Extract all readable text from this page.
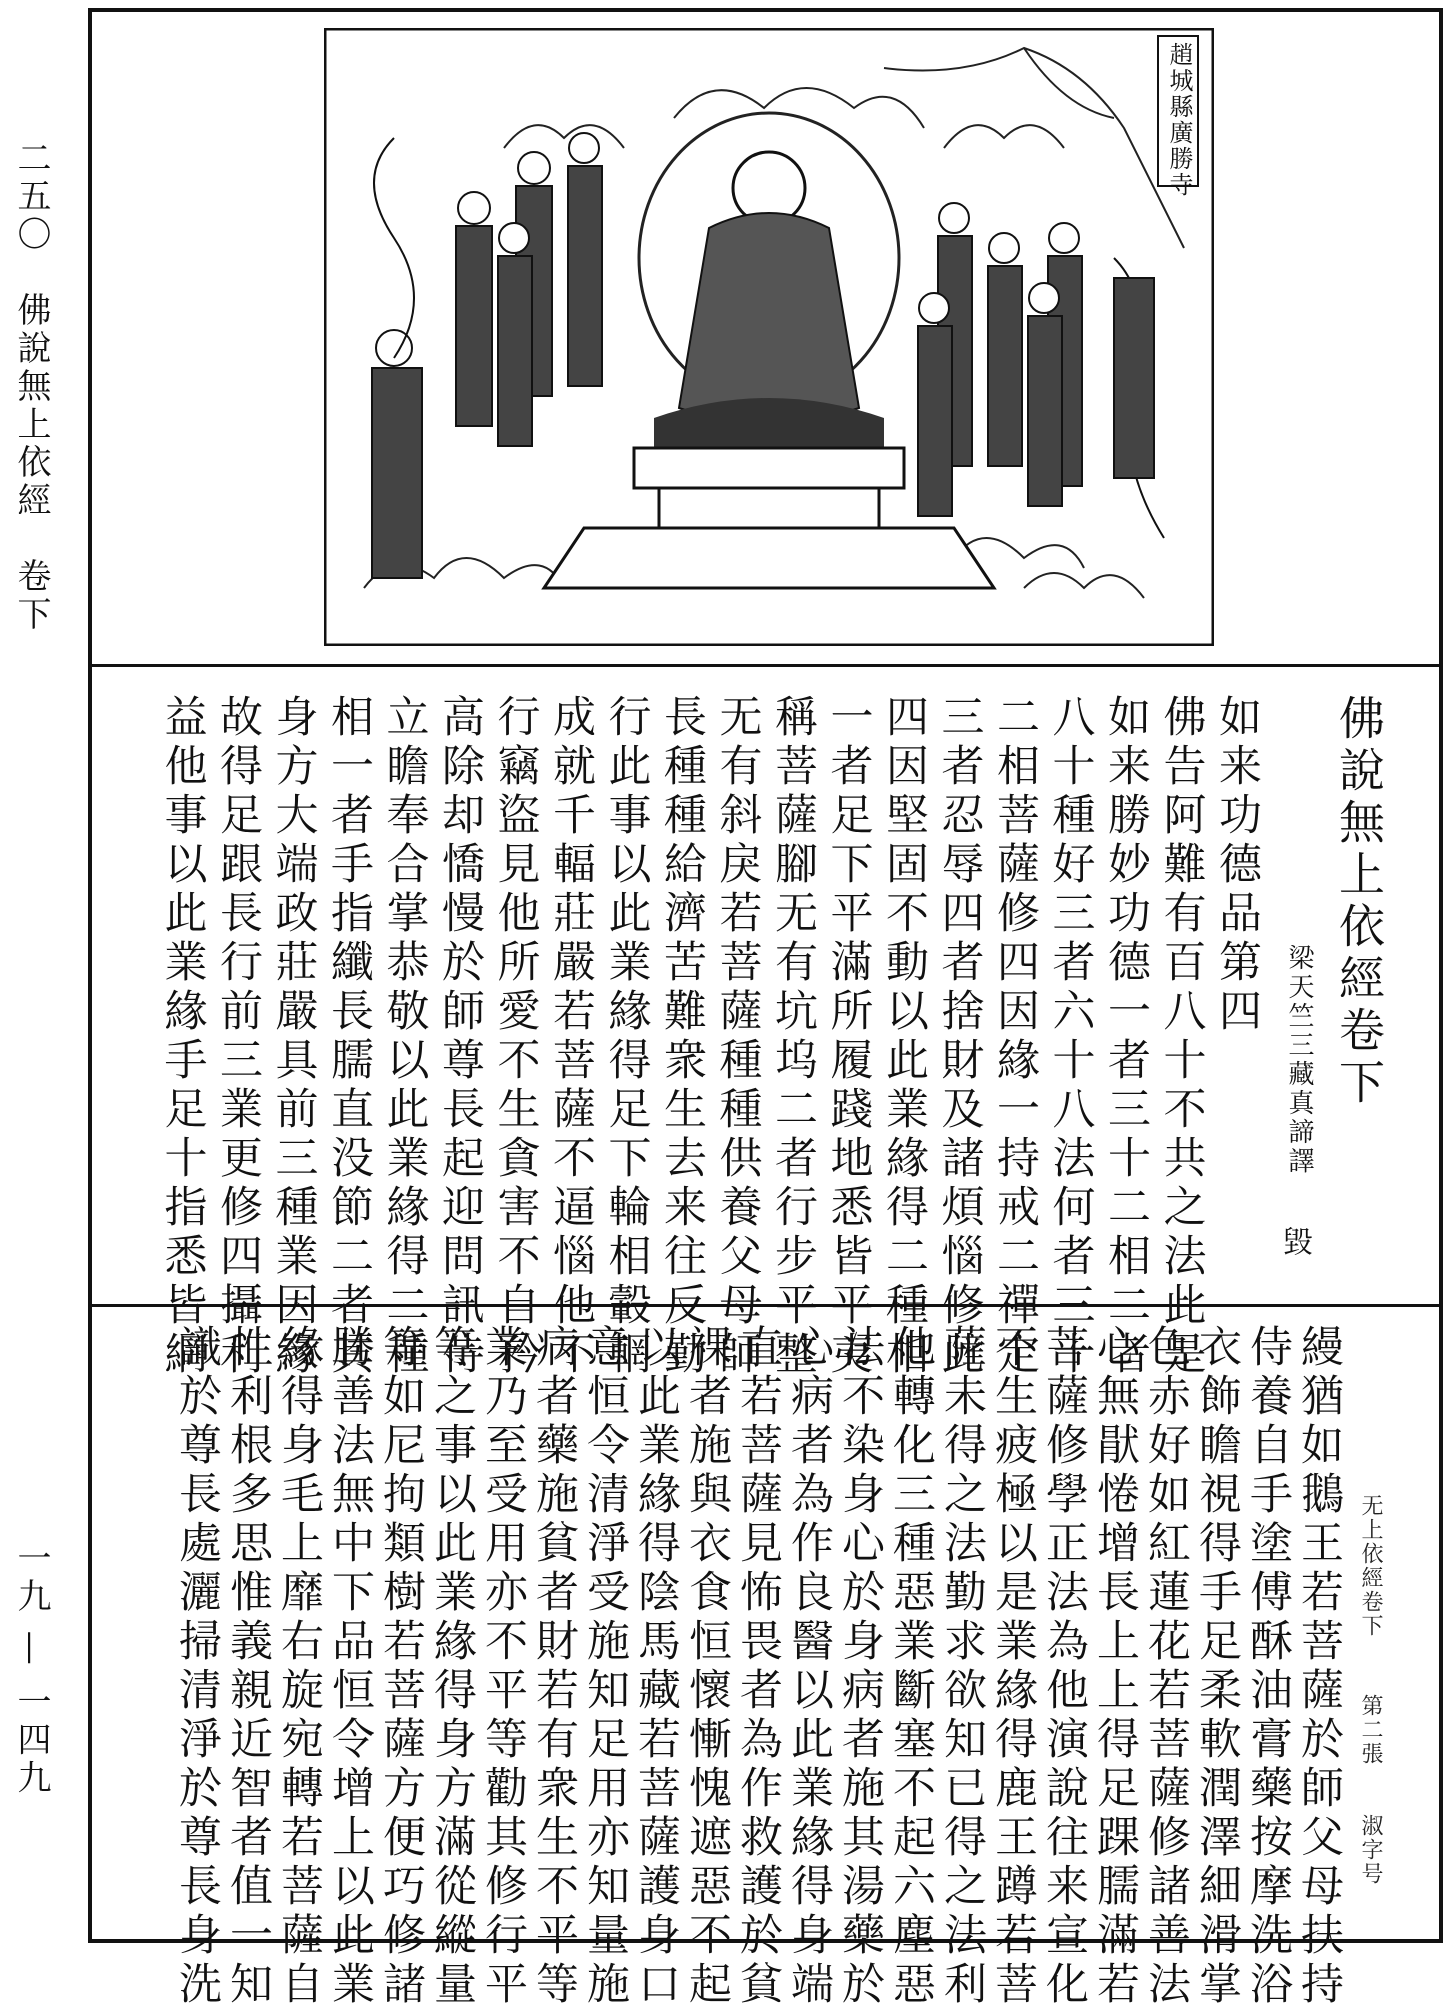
二五〇　佛說無上依經　卷下
一九 — 一四九
趙城縣廣勝寺
佛說無上依經卷下
梁天竺三藏真諦譯
毀
如来功德品第四
佛告阿難有百八十不共之法此是
如来勝妙功德一者三十二相二者
八十種好三者六十八法何者三十
二相菩薩修四因緣一持戒二禪定
三者忍辱四者捨財及諸煩惱修此
四因堅固不動以此業緣得二種相
一者足下平滿所履踐地悉皆平夷
稱菩薩腳无有坑坞二者行步平整
无有斜戾若菩薩種種供養父母師
長種種給濟苦難衆生去来往反勤
行此事以此業緣得足下輪相轂輞
成就千輻莊嚴若菩薩不逼惱他不
行竊盜見他所愛不生貪害不自矜
高除却憍慢於師尊長起迎問訊侍
立瞻奉合掌恭敬以此業緣得二種
相一者手指纖長臑直没節二者其
身方大端政莊嚴具前三種業因緣
故得足跟長行前三業更修四攝利
益他事以此業緣手足十指悉皆網
无上依經卷下
第二張
淑字号
縵猶如鵝王若菩薩於師父母扶持
侍養自手塗傅酥油膏藥按摩洗浴
衣飾瞻視得手足柔軟潤澤細滑掌
色赤好如紅蓮花若菩薩修諸善法
心無猒惓增長上上得足踝臑滿若
菩薩修學正法為他演說往来宣化
不生疲極以是業緣得鹿王蹲若菩
薩未得之法勤求欲知已得之法利
他轉化三種惡業斷塞不起六塵惡
法不染身心於身病者施其湯藥於
心病者為作良醫以此業緣得身端
直若菩薩見怖畏者為作救護於貧
裸者施與衣食恒懷慚愧遮惡不起
以此業緣得陰馬藏若菩薩護身口
意恒令清淨受施知足用亦知量施
病者藥施貧者財若有衆生不平等
業乃至受用亦不平等勸其修行平
等之事以此業緣得身方滿從縱量
等如尼拘類樹若菩薩方便巧修諸
勝善法無中下品恒令增上以此業
緣得身毛上靡右旋宛轉若菩薩自
性利根多思惟義親近智者值一知
識於尊長處灑掃清淨於尊長身洗
